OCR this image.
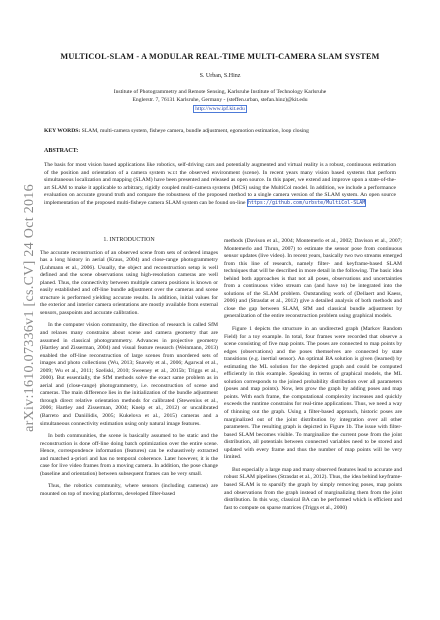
arXiv:1610.07336v1 [cs.CV] 24 Oct 2016
MULTICOL-SLAM - A MODULAR REAL-TIME MULTI-CAMERA SLAM SYSTEM
S. Urban, S.Hinz
Institute of Photogrammetry and Remote Sensing, Karlsruhe Institute of Technology Karlsruhe
Englerstr. 7, 76131 Karlsruhe, Germany - (steffen.urban, stefan.hinz)@kit.edu
http://www.ipf.kit.edu
KEY WORDS: SLAM, multi-camera system, fisheye camera, bundle adjustment, egomotion estimation, loop closing
ABSTRACT:
The basis for most vision based applications like robotics, self-driving cars and potentially augmented and virtual reality is a robust, continuous estimation of the position and orientation of a camera system w.r.t the observed environment (scene). In recent years many vision based systems that perform simultaneous localization and mapping (SLAM) have been presented and released as open source. In this paper, we extend and improve upon a state-of-the-art SLAM to make it applicable to arbitrary, rigidly coupled multi-camera systems (MCS) using the MultiCol model. In addition, we include a performance evaluation on accurate ground truth and compare the robustness of the proposed method to a single camera version of the SLAM system. An open source implementation of the proposed multi-fisheye camera SLAM system can be found on-line https://github.com/urbste/MultiCol-SLAM

1. INTRODUCTION

The accurate reconstruction of an observed scene from sets of ordered images has a long history in aerial (Kraus, 2004) and close-range photogrammetry (Luhmann et al., 2006). Usually, the object and reconstruction setup is well defined and the scene observations using high-resolution cameras are well planed. Thus, the connectivity between multiple camera positions is known or easily established and off-line bundle adjustment over the cameras and scene structure is performed yielding accurate results. In addition, initial values for the exterior and interior camera orientations are mostly available from external sensors, passpoints and accurate calibration.

In the computer vision community, the direction of research is called SfM and relaxes many constrains about scene and camera geometry that are assumed in classical photogrammetry. Advances in projective geometry (Hartley and Zisserman, 2004) and visual feature research (Weinmann, 2013) enabled the off-line reconstruction of large scenes from unordered sets of images and photo collections (Wu, 2013; Snavely et al., 2006; Agarwal et al., 2009; Wu et al., 2011; Szeliski, 2010; Sweeney et al., 2015b; Triggs et al., 2000). But essentially, the SfM methods solve the exact same problem as in aerial and (close-range) photogrammetry, i.e. reconstruction of scene and cameras. The main difference lies in the initialization of the bundle adjustment through direct relative orientation methods for calibrated (Stewenius et al., 2006; Hartley and Zisserman, 2004; Kneip et al., 2012) or uncalibrated (Barreto and Daniilidis, 2005; Kukelova et al., 2015) cameras and a simultaneous connectivity estimation using only natural image features.

In both communities, the scene is basically assumed to be static and the reconstruction is done off-line doing batch optimization over the entire scene. Hence, correspondence information (features) can be exhaustively extracted and matched a-priori and has no temporal coherence. Later however, it is the case for live video frames from a moving camera. In addition, the pose change (baseline and orientation) between subsequent frames can be very small.

Thus, the robotics community, where sensors (including cameras) are mounted on top of moving platforms, developed filter-based

methods (Davison et al., 2004; Montemerlo et al., 2002; Davison et al., 2007; Montemerlo and Thrun, 2007) to estimate the sensor pose from continuous sensor updates (live video). In recent years, basically two two streams emerged from this line of research, namely filter- and keyframe-based SLAM techniques that will be described in more detail in the following. The basic idea behind both approaches is that not all poses, observations and uncertainties from a continuous video stream can (and have to) be integrated into the solutions of the SLAM problem. Outstanding work of (Dellaert and Kaess, 2006) and (Strasdat et al., 2012) give a detailed analysis of both methods and close the gap between SLAM, SfM and classical bundle adjustment by generalization of the entire reconstruction problem using graphical models.

Figure 1 depicts the structure in an undirected graph (Markov Random Field) for a toy example. In total, four frames were recorded that observe a scene consisting of five map points. The poses are connected to map points by edges (observations) and the poses themselves are connected by state transitions (e.g. inertial sensor). An optimal BA solution is given (learned) by estimating the ML solution for the depicted graph and could be computed efficiently in this example. Speaking in terms of graphical models, the ML solution corresponds to the joined probability distribution over all parameters (poses and map points). Now, lets grow the graph by adding poses and map points. With each frame, the computational complexity increases and quickly exceeds the runtime constrains for real-time applications. Thus, we need a way of thinning out the graph. Using a filter-based approach, historic poses are marginalized out of the joint distribution by integration over all other parameters. The resulting graph is depicted in Figure 1b. The issue with filter-based SLAM becomes visible. To marginalize the current pose from the joint distribution, all potentials between connected variables need to be stored and updated with every frame and thus the number of map points will be very limited.

But especially a large map and many observed features lead to accurate and robust SLAM pipelines (Strasdat et al., 2012). Thus, the idea behind keyframe-based SLAM is to sparsify the graph by simply removing poses, map points and observations from the graph instead of marginalizing them from the joint distribution. In this way, classical BA can be performed which is efficient and fast to compute on sparse matrices (Triggs et al., 2000)
